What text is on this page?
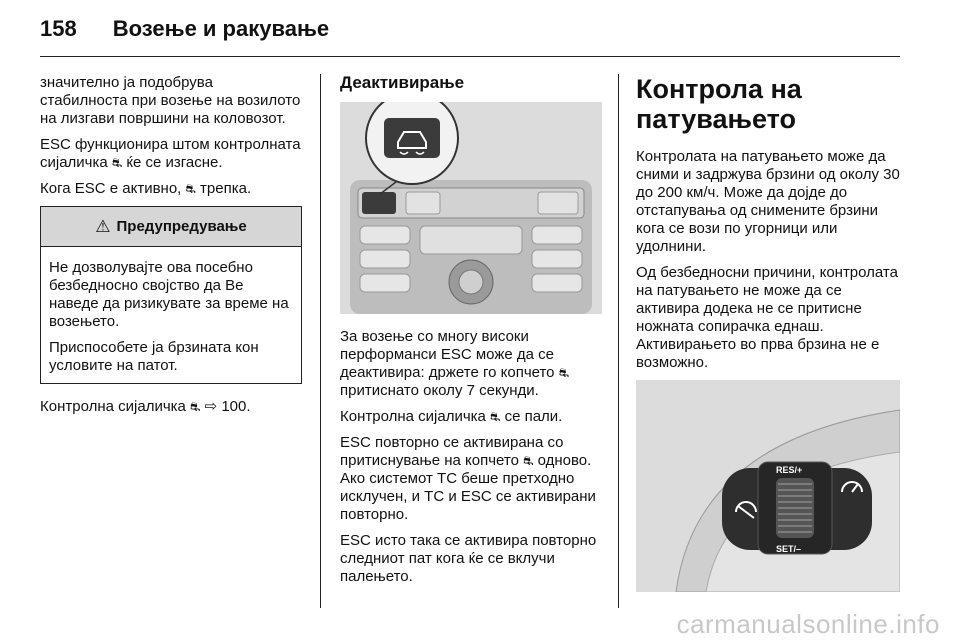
158 Возење и ракување

значително ја подобрува стабилноста при возење на возилото на лизгави површини на коловозот.

ESC функционира штом контролната сијаличка ⛐ ќе се изгасне.

Кога ESC е активно, ⛐ трепка.

⚠ Предупредување

Не дозволувајте ова посебно безбедносно својство да Ве наведе да ризикувате за време на возењето.

Приспособете ја брзината кон условите на патот.

Контролна сијаличка ⛐ ⇨ 100.

Деактивирање

За возење со многу високи перформанси ESC може да се деактивира: држете го копчето ⛐ притиснато околу 7 секунди.

Контролна сијаличка ⛐ се пали.

ESC повторно се активирана со притиснување на копчето ⛐ одново. Ако системот TC беше претходно исклучен, и TC и ESC се активирани повторно.

ESC исто така се активира повторно следниот пат кога ќе се вклучи палењето.

Контрола на патувањето

Контролата на патувањето може да сними и задржува брзини од околу 30 до 200 км/ч. Може да дојде до отстапувања од снимените брзини кога се вози по угорници или удолнини.

Од безбедносни причини, контролата на патувањето не може да се активира додека не се притисне ножната сопирачка еднаш. Активирањето во прва брзина не е возможно.

RES/+
SET/–
carmanualsonline.info
